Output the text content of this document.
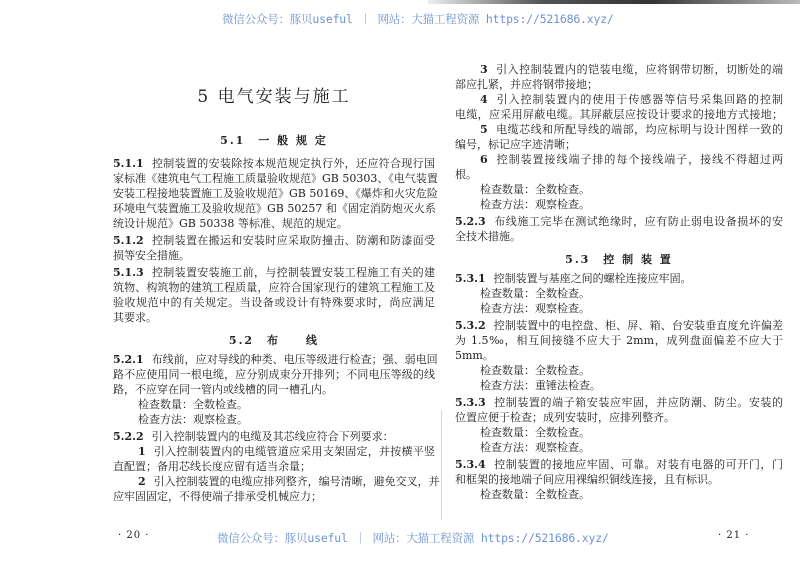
5 电气安装与施工
5.1　一 般 规 定
5.1.1 控制装置的安装除按本规范规定执行外，还应符合现行国
家标准《建筑电气工程施工质量验收规范》GB 50303、《电气装置
安装工程接地装置施工及验收规范》GB 50169、《爆炸和火灾危险
环境电气装置施工及验收规范》GB 50257 和《固定消防炮灭火系
统设计规范》GB 50338 等标准、规范的规定。
5.1.2 控制装置在搬运和安装时应采取防撞击、防潮和防漆面受
损等安全措施。
5.1.3 控制装置安装施工前，与控制装置安装工程施工有关的建
筑物、构筑物的建筑工程质量，应符合国家现行的建筑工程施工及
验收规范中的有关规定。当设备或设计有特殊要求时，尚应满足
其要求。
5.2　布　　线
5.2.1 布线前，应对导线的种类、电压等级进行检查；强、弱电回
路不应使用同一根电缆，应分别成束分开排列；不同电压等级的线
路，不应穿在同一管内或线槽的同一槽孔内。
检查数量：全数检查。
检查方法：观察检查。
5.2.2 引入控制装置内的电缆及其芯线应符合下列要求：
1 引入控制装置内的电缆管道应采用支架固定，并按横平竖
直配置；备用芯线长度应留有适当余量；
2 引入控制装置的电缆应排列整齐，编号清晰，避免交叉，并
应牢固固定，不得使端子排承受机械应力；
3 引入控制装置内的铠装电缆，应将钢带切断，切断处的端
部应扎紧，并应将钢带接地；
4 引入控制装置内的使用于传感器等信号采集回路的控制
电缆，应采用屏蔽电缆。其屏蔽层应按设计要求的接地方式接地；
5 电缆芯线和所配导线的端部，均应标明与设计图样一致的
编号，标记应字迹清晰；
6 控制装置接线端子排的每个接线端子，接线不得超过两
根。
检查数量：全数检查。
检查方法：观察检查。
5.2.3 布线施工完毕在测试绝缘时，应有防止弱电设备损坏的安
全技术措施。
5.3　控 制 装 置
5.3.1 控制装置与基座之间的螺栓连接应牢固。
检查数量：全数检查。
检查方法：观察检查。
5.3.2 控制装置中的电控盘、柜、屏、箱、台安装垂直度允许偏差
为 1.5‰，相互间接缝不应大于 2mm，成列盘面偏差不应大于
5mm。
检查数量：全数检查。
检查方法：重锤法检查。
5.3.3 控制装置的端子箱安装应牢固，并应防潮、防尘。安装的
位置应便于检查；成列安装时，应排列整齐。
检查数量：全数检查。
检查方法：观察检查。
5.3.4 控制装置的接地应牢固、可靠。对装有电器的可开门，门
和框架的接地端子间应用裸编织铜线连接，且有标识。
检查数量：全数检查。
· 20 ·	· 21 ·
微信公众号：豚贝useful ｜ 网站：大猫工程资源 https://521686.xyz/
微信公众号：豚贝useful ｜ 网站：大猫工程资源 https://521686.xyz/
